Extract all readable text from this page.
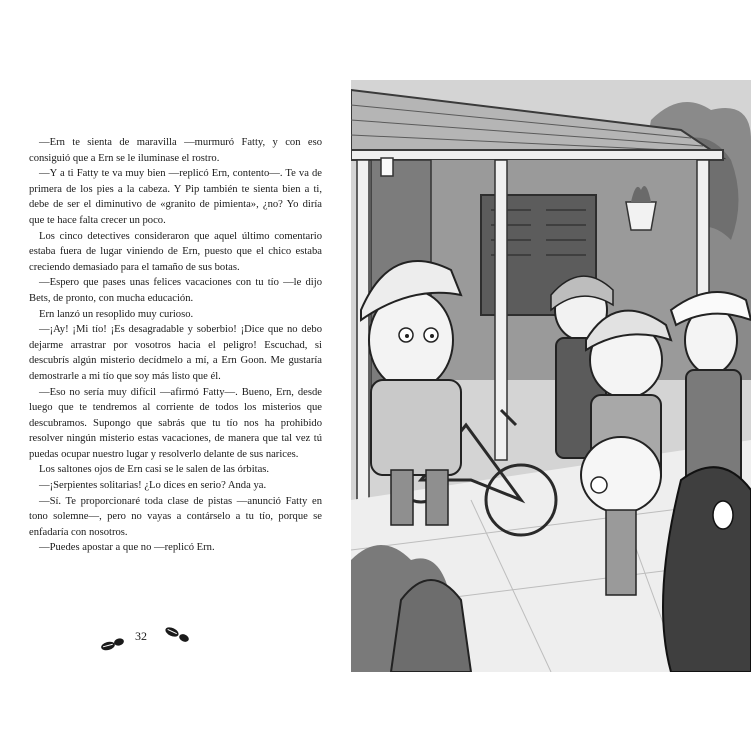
—Ern te sienta de maravilla —murmuró Fatty, y con eso consiguió que a Ern se le iluminase el rostro.

—Y a ti Fatty te va muy bien —replicó Ern, contento—. Te va de primera de los pies a la cabeza. Y Pip también te sienta bien a ti, debe de ser el diminutivo de «granito de pimienta», ¿no? Yo diría que te hace falta crecer un poco.

Los cinco detectives consideraron que aquel último comentario estaba fuera de lugar viniendo de Ern, puesto que el chico estaba creciendo demasiado para el tamaño de sus botas.

—Espero que pases unas felices vacaciones con tu tío —le dijo Bets, de pronto, con mucha educación.

Ern lanzó un resoplido muy curioso.

—¡Ay! ¡Mi tío! ¡Es desagradable y soberbio! ¡Dice que no debo dejarme arrastrar por vosotros hacia el peligro! Escuchad, si descubrís algún misterio decídmelo a mí, a Ern Goon. Me gustaría demostrarle a mi tío que soy más listo que él.

—Eso no sería muy difícil —afirmó Fatty—. Bueno, Ern, desde luego que te tendremos al corriente de todos los misterios que descubramos. Supongo que sabrás que tu tío nos ha prohibido resolver ningún misterio estas vacaciones, de manera que tal vez tú puedas ocupar nuestro lugar y resolverlo delante de sus narices.

Los saltones ojos de Ern casi se le salen de las órbitas.

—¡Serpientes solitarias! ¿Lo dices en serio? Anda ya.

—Sí. Te proporcionaré toda clase de pistas —anunció Fatty en tono solemne—, pero no vayas a contárselo a tu tío, porque se enfadaría con nosotros.

—Puedes apostar a que no —replicó Ern.

32
